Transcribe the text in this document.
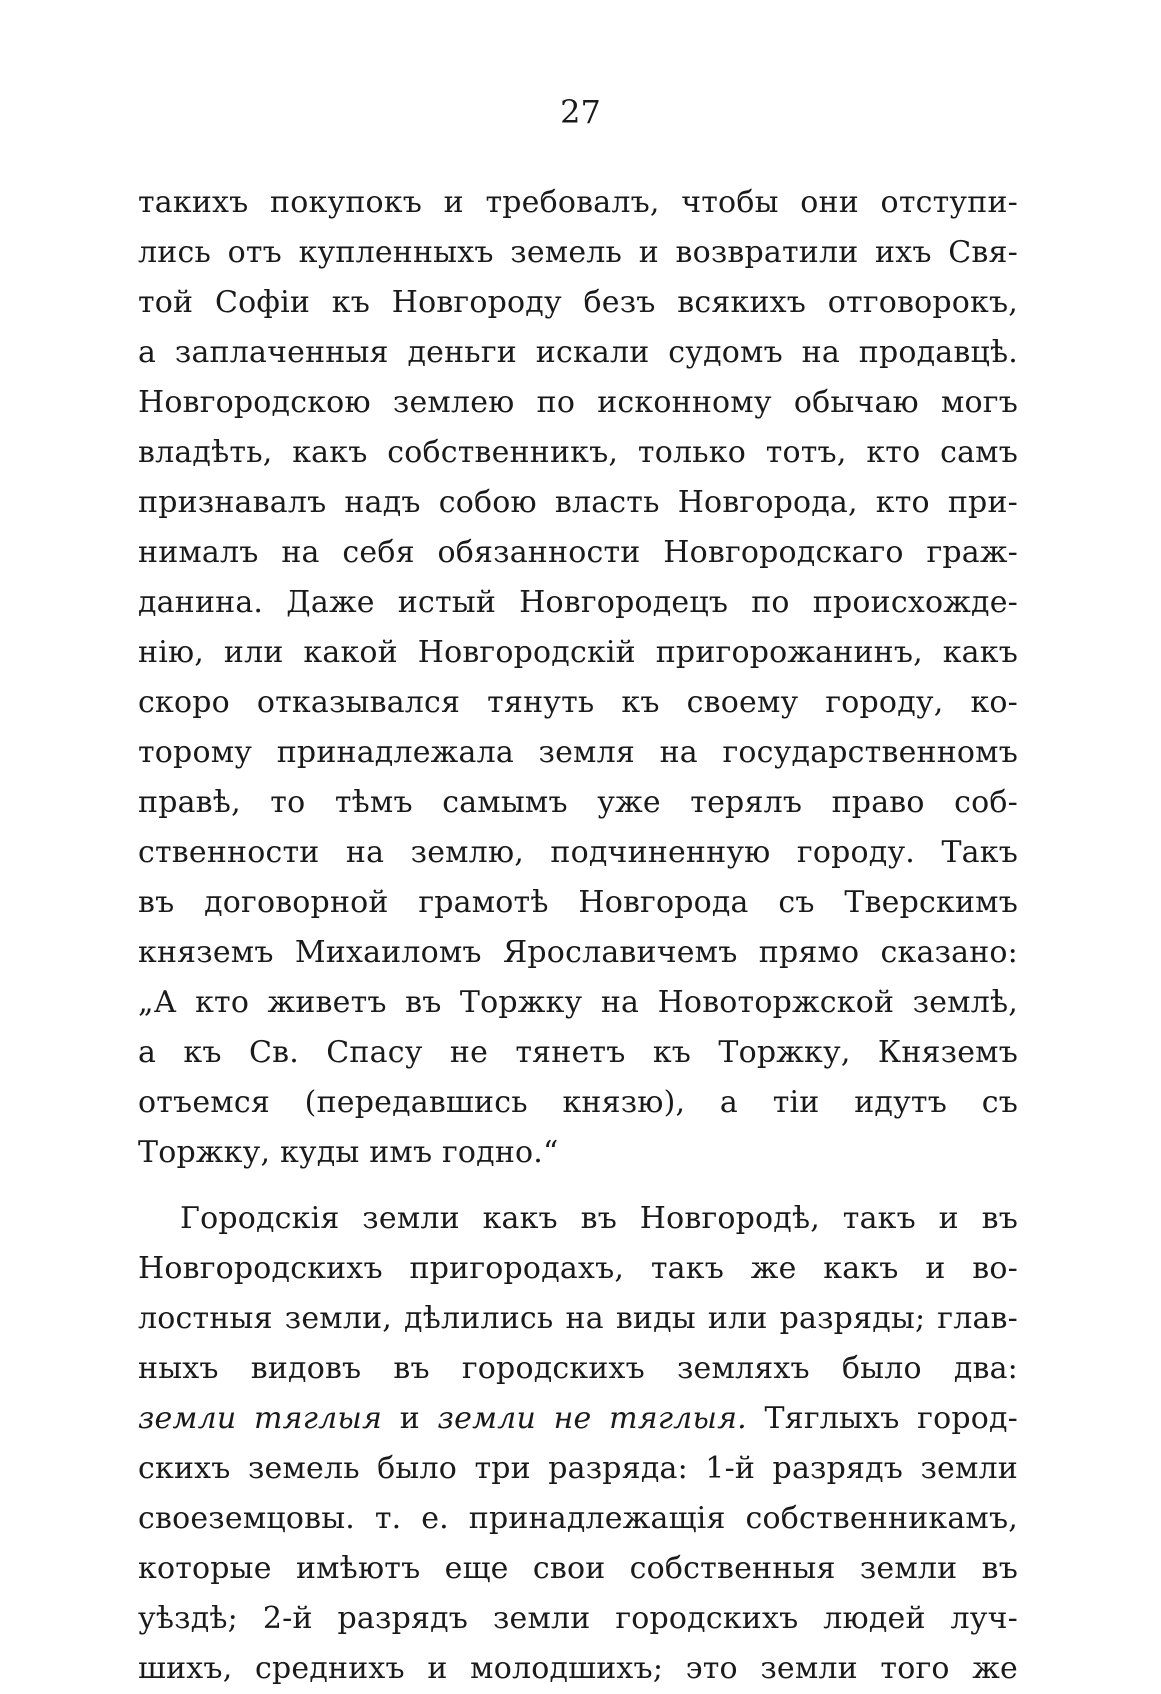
27
такихъ покупокъ и требовалъ, чтобы они отступи-
лись отъ купленныхъ земель и возвратили ихъ Свя-
той Софіи къ Новгороду безъ всякихъ отговорокъ,
а заплаченныя деньги искали судомъ на продавцѣ.
Новгородскою землею по исконному обычаю могъ
владѣть, какъ собственникъ, только тотъ, кто самъ
признавалъ надъ собою власть Новгорода, кто при-
нималъ на себя обязанности Новгородскаго граж-
данина. Даже истый Новгородецъ по происхожде-
нію, или какой Новгородскій пригорожанинъ, какъ
скоро отказывался тянуть къ своему городу, ко-
торому принадлежала земля на государственномъ
правѣ, то тѣмъ самымъ уже терялъ право соб-
ственности на землю, подчиненную городу. Такъ
въ договорной грамотѣ Новгорода съ Тверскимъ
княземъ Михаиломъ Ярославичемъ прямо сказано:
„А кто живетъ въ Торжку на Новоторжской землѣ,
а къ Св. Спасу не тянетъ къ Торжку, Княземъ
отъемся (передавшись князю), а тіи идутъ съ
Торжку, куды имъ годно.“
Городскія земли какъ въ Новгородѣ, такъ и въ
Новгородскихъ пригородахъ, такъ же какъ и во-
лостныя земли, дѣлились на виды или разряды; глав-
ныхъ видовъ въ городскихъ земляхъ было два:
земли тяглыя и земли не тяглыя. Тяглыхъ город-
скихъ земель было три разряда: 1-й разрядъ земли
своеземцовы. т. е. принадлежащія собственникамъ,
которые имѣютъ еще свои собственныя земли въ
уѣздѣ; 2-й разрядъ земли городскихъ людей луч-
шихъ, среднихъ и молодшихъ; это земли того же
